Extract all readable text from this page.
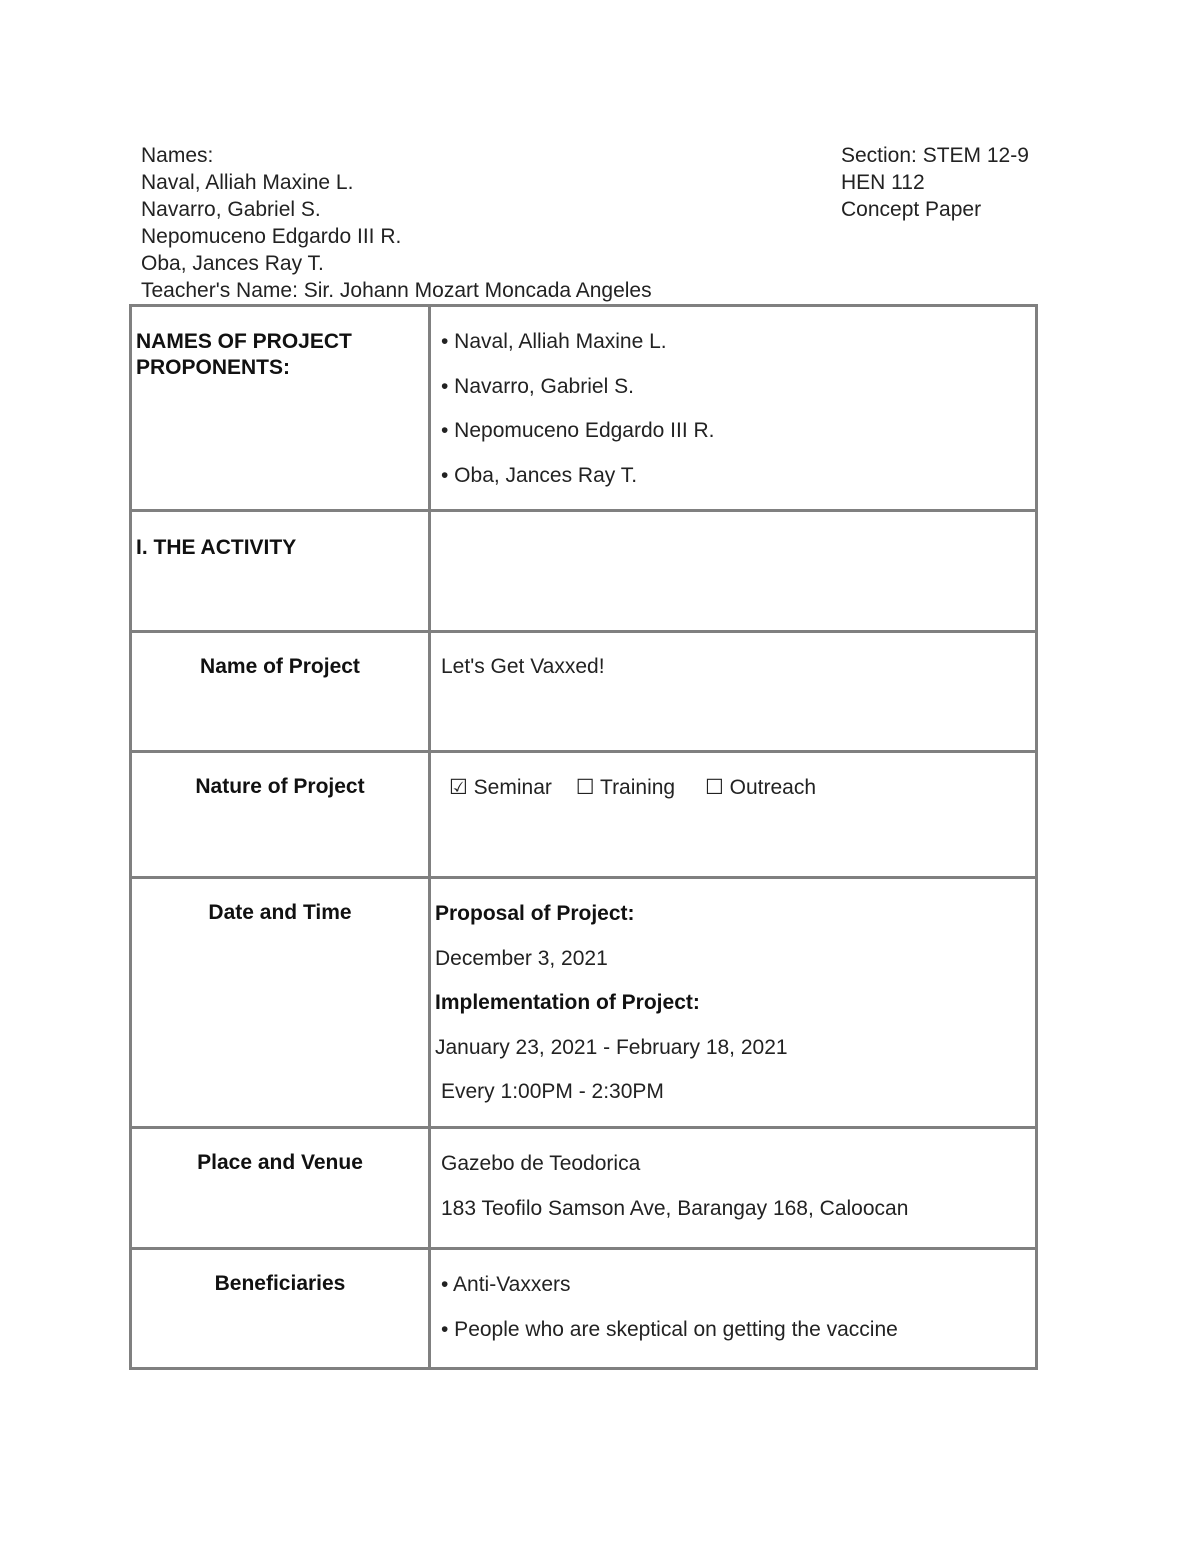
Names:
Naval, Alliah Maxine L.
Navarro, Gabriel S.
Nepomuceno Edgardo III R.
Oba, Jances Ray T.
Teacher's Name: Sir. Johann Mozart Moncada Angeles
Section: STEM 12-9
HEN 112
Concept Paper
NAMES OF PROJECT PROPONENTS:	• Naval, Alliah Maxine L.
• Navarro, Gabriel S.
• Nepomuceno Edgardo III R.
• Oba, Jances Ray T.

I. THE ACTIVITY	
Name of Project	Let's Get Vaxxed!
Nature of Project	☑ Seminar ☐ Training ☐ Outreach
Date and Time	Proposal of Project:
December 3, 2021
Implementation of Project:
January 23, 2021 - February 18, 2021
Every 1:00PM - 2:30PM

Place and Venue	Gazebo de Teodorica
183 Teofilo Samson Ave, Barangay 168, Caloocan

Beneficiaries	• Anti-Vaxxers
• People who are skeptical on getting the vaccine
